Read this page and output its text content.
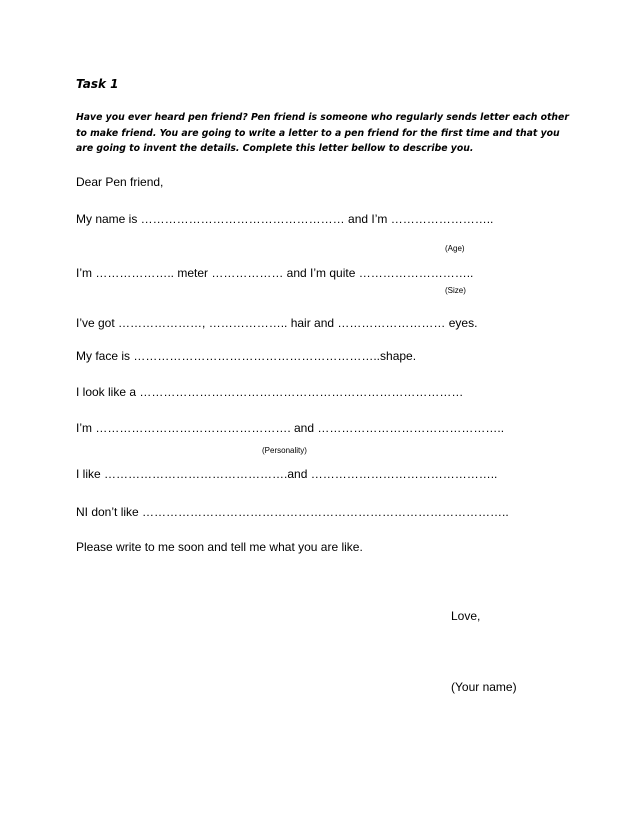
Task 1
Have you ever heard pen friend? Pen friend is someone who regularly sends letter each other
to make friend. You are going to write a letter to a pen friend for the first time and that you
are going to invent the details. Complete this letter bellow to describe you.
Dear Pen friend,
My name is …………………………………………… and I’m ……………………..
(Age)
I’m ……………….. meter ……………… and I’m quite ………………………..
(Size)
I’ve got …………………, ……………….. hair and ……………………… eyes.
My face is ……………………………………………………..shape.
I look like a ………………………………………………………………………
I’m …………………………………………. and ………………………………………..
(Personality)
I like ……………………………………….and ………………………………………..
NI don’t like ………………………………………………………………………………..
Please write to me soon and tell me what you are like.
Love,
(Your name)
